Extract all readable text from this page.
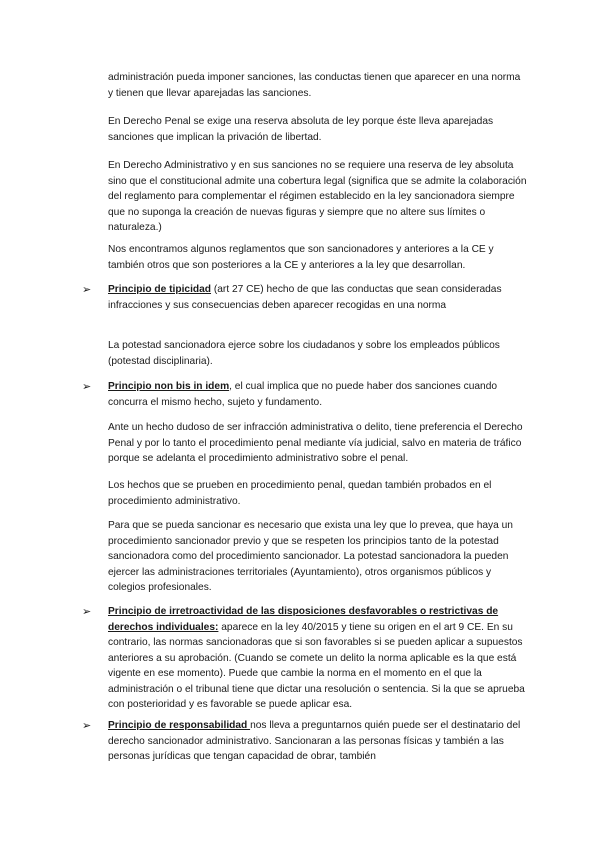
administración pueda imponer sanciones, las conductas tienen que aparecer en una norma y tienen que llevar aparejadas las sanciones.

En Derecho Penal se exige una reserva absoluta de ley porque éste lleva aparejadas sanciones que implican la privación de libertad.

En Derecho Administrativo y en sus sanciones no se requiere una reserva de ley absoluta sino que el constitucional admite una cobertura legal (significa que se admite la colaboración del reglamento para complementar el régimen establecido en la ley sancionadora siempre que no suponga la creación de nuevas figuras y siempre que no altere sus límites o naturaleza.)

Nos encontramos algunos reglamentos que son sancionadores y anteriores a la CE y también otros que son posteriores a la CE y anteriores a la ley que desarrollan.

➢ Principio de tipicidad (art 27 CE) hecho de que las conductas que sean consideradas infracciones y sus consecuencias deben aparecer recogidas en una norma

La potestad sancionadora ejerce sobre los ciudadanos y sobre los empleados públicos (potestad disciplinaria).

➢ Principio non bis in idem, el cual implica que no puede haber dos sanciones cuando concurra el mismo hecho, sujeto y fundamento.

Ante un hecho dudoso de ser infracción administrativa o delito, tiene preferencia el Derecho Penal y por lo tanto el procedimiento penal mediante vía judicial, salvo en materia de tráfico porque se adelanta el procedimiento administrativo sobre el penal.

Los hechos que se prueben en procedimiento penal, quedan también probados en el procedimiento administrativo.

Para que se pueda sancionar es necesario que exista una ley que lo prevea, que haya un procedimiento sancionador previo y que se respeten los principios tanto de la potestad sancionadora como del procedimiento sancionador. La potestad sancionadora la pueden ejercer las administraciones territoriales (Ayuntamiento), otros organismos públicos y colegios profesionales.

➢ Principio de irretroactividad de las disposiciones desfavorables o restrictivas de derechos individuales: aparece en la ley 40/2015 y tiene su origen en el art 9 CE. En su contrario, las normas sancionadoras que si son favorables si se pueden aplicar a supuestos anteriores a su aprobación. (Cuando se comete un delito la norma aplicable es la que está vigente en ese momento). Puede que cambie la norma en el momento en el que la administración o el tribunal tiene que dictar una resolución o sentencia. Si la que se aprueba con posterioridad y es favorable se puede aplicar esa.

➢ Principio de responsabilidad nos lleva a preguntarnos quién puede ser el destinatario del derecho sancionador administrativo. Sancionaran a las personas físicas y también a las personas jurídicas que tengan capacidad de obrar, también
